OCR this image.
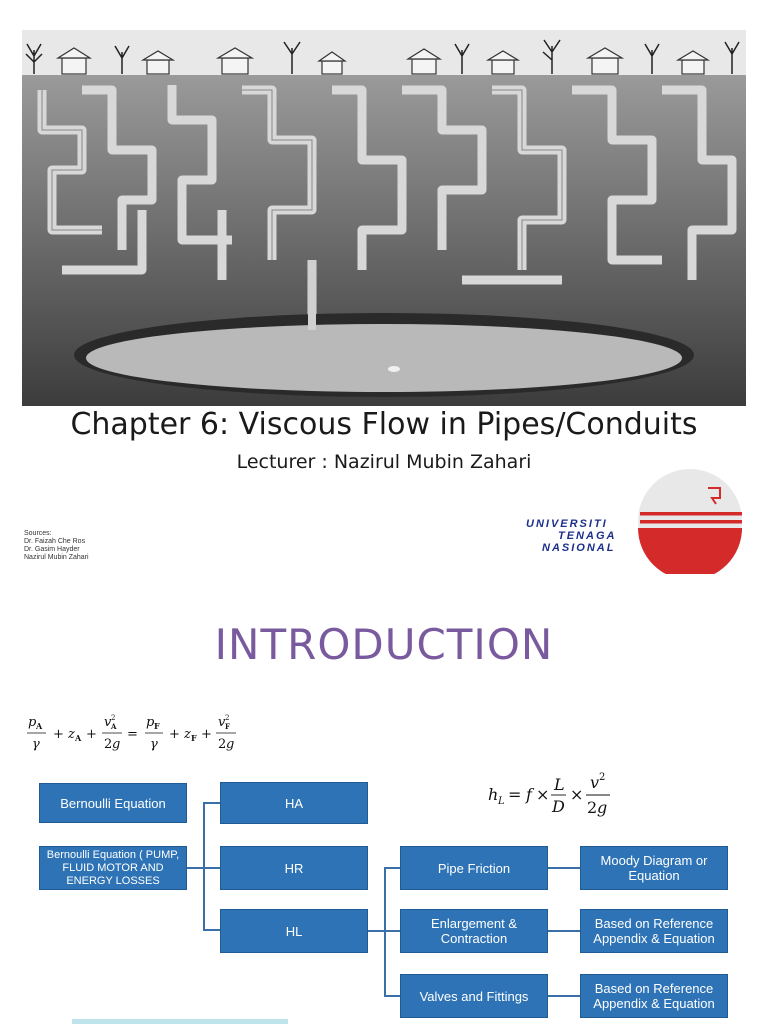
Chapter 6: Viscous Flow in Pipes/Conduits
Lecturer : Nazirul Mubin Zahari
Sources:
Dr. Faizah Che Ros
Dr. Gasim Hayder
Nazirul Mubin Zahari
UNIVERSITI
TENAGA
NASIONAL
INTRODUCTION
p A
γ
+ z A +
v 2
A
2 g
=
p F
γ
+ z F +
v 2
F
2 g
h L = f ×
L
D
×
v 2
2 g
Bernoulli Equation
Bernoulli Equation ( PUMP, FLUID MOTOR AND ENERGY LOSSES
HA
HR
HL
Pipe Friction
Enlargement & Contraction
Valves and Fittings
Moody Diagram or Equation
Based on Reference Appendix & Equation
Based on Reference Appendix & Equation
